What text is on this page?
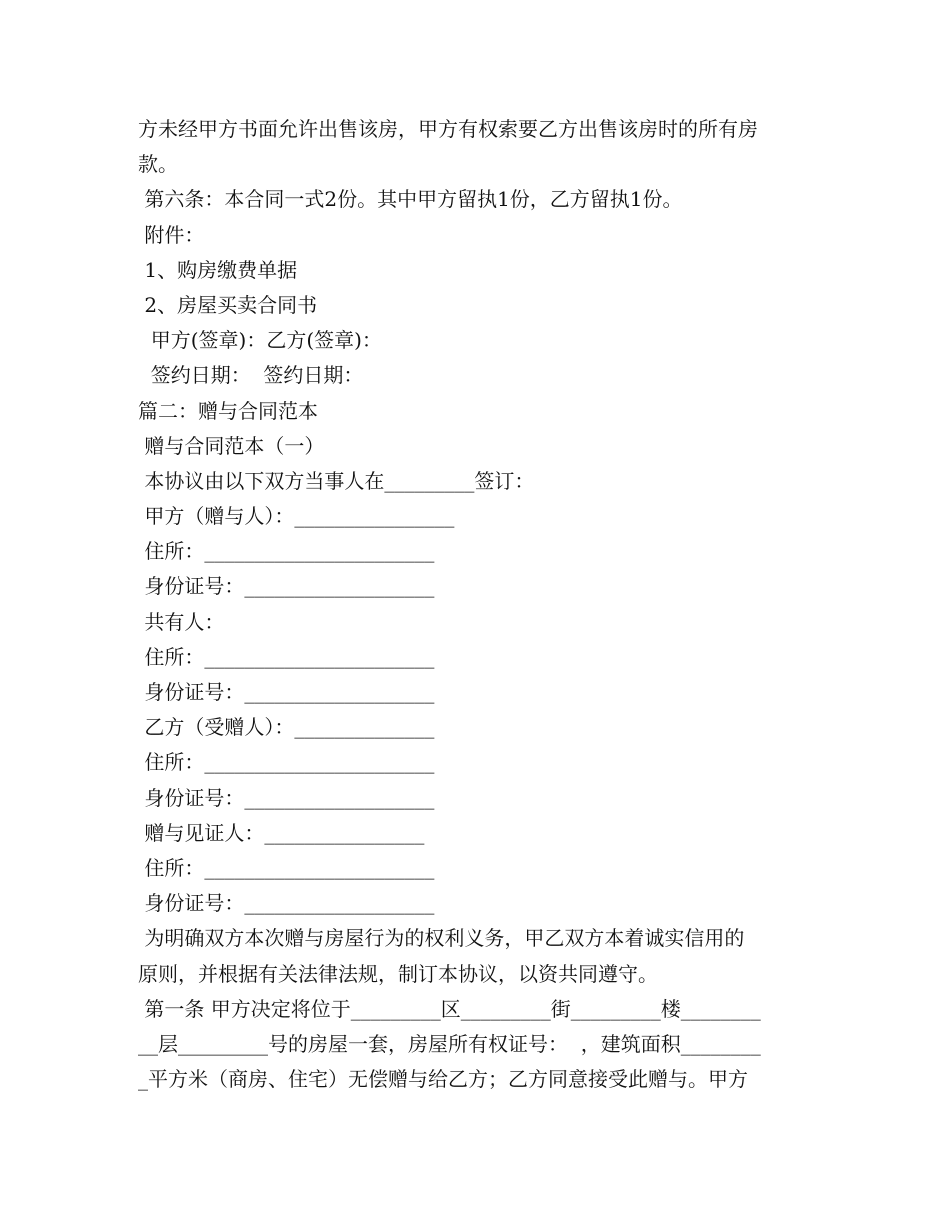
方未经甲方书面允许出售该房，甲方有权索要乙方出售该房时的所有房
款。
第六条：本合同一式2份。其中甲方留执1份，乙方留执1份。
附件：
1、购房缴费单据
2、房屋买卖合同书
甲方(签章)：乙方(签章)：
签约日期：  签约日期：
篇二：赠与合同范本
赠与合同范本（一）
本协议由以下双方当事人在_________签订：
甲方（赠与人）：________________
住所：_______________________
身份证号：___________________
共有人：
住所：_______________________
身份证号：___________________
乙方（受赠人）：______________
住所：_______________________
身份证号：___________________
赠与见证人：________________
住所：_______________________
身份证号：___________________
为明确双方本次赠与房屋行为的权利义务，甲乙双方本着诚实信用的
原则，并根据有关法律法规，制订本协议，以资共同遵守。
第一条 甲方决定将位于_________区_________街_________楼________
__层_________号的房屋一套，房屋所有权证号：  ，建筑面积________
_平方米（商房、住宅）无偿赠与给乙方；乙方同意接受此赠与。甲方
